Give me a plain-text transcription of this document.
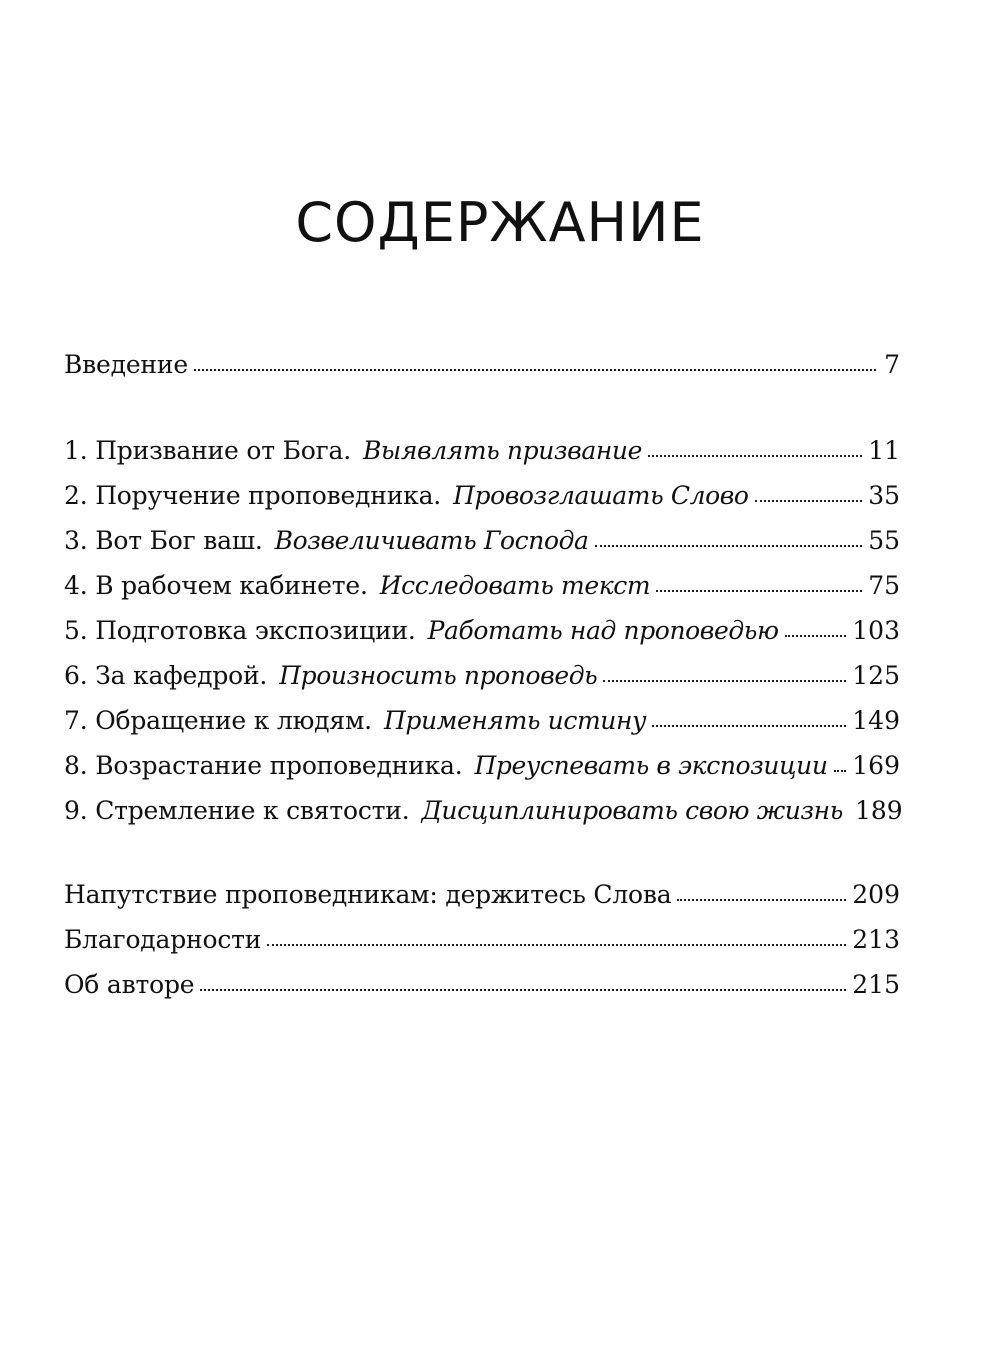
СОДЕРЖАНИЕ
Введение	7
1. Призвание от Бога. Выявлять призвание	11
2. Поручение проповедника. Провозглашать Слово	35
3. Вот Бог ваш. Возвеличивать Господа	55
4. В рабочем кабинете. Исследовать текст	75
5. Подготовка экспозиции. Работать над проповедью	103
6. За кафедрой. Произносить проповедь	125
7. Обращение к людям. Применять истину	149
8. Возрастание проповедника. Преуспевать в экспозиции 169
9. Стремление к святости. Дисциплинировать свою жизнь 189
Напутствие проповедникам: держитесь Слова	209
Благодарности	213
Об авторе	215
